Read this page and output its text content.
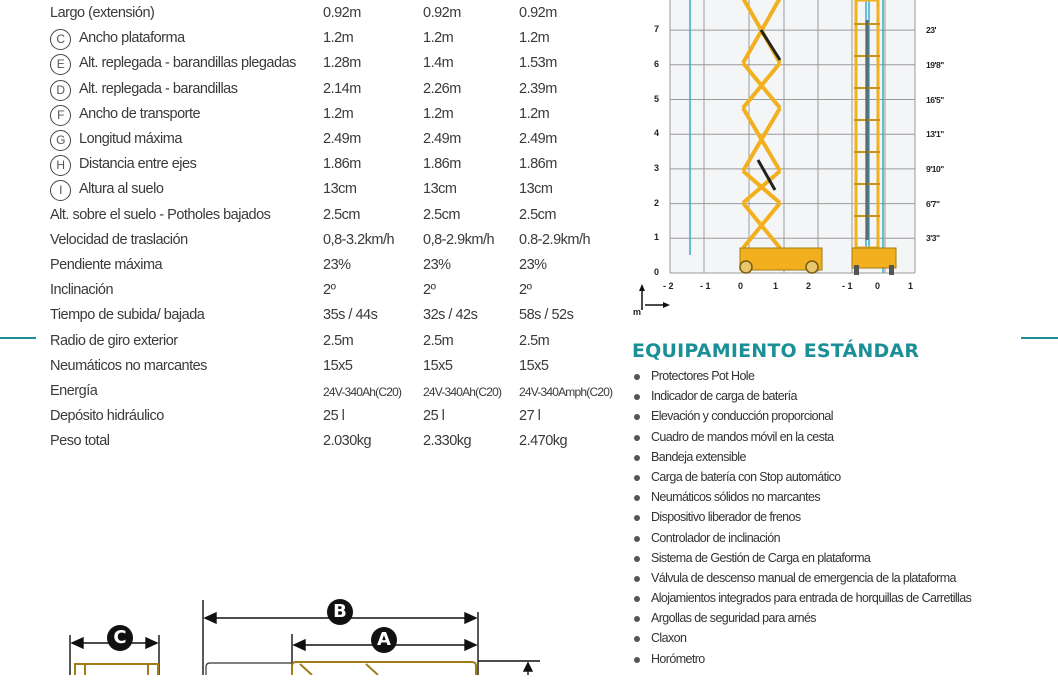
Largo (extensión)	0.92m	0.92m	0.92m
C Ancho plataforma	1.2m	1.2m	1.2m
E	Alt. replegada - barandillas plegadas 1.28m	1.4m	1.53m
D Alt. replegada - barandillas	2.14m	2.26m	2.39m
F	Ancho de transporte	1.2m	1.2m	1.2m
G Longitud máxima	2.49m	2.49m	2.49m
H Distancia entre ejes	1.86m	1.86m	1.86m
I	Altura al suelo	13cm	13cm	13cm
Alt. sobre el suelo - Potholes bajados	2.5cm	2.5cm	2.5cm
Velocidad de traslación	0,8-3.2km/h 0,8-2.9km/h 0.8-2.9km/h
Pendiente máxima	23%	23%	23%
Inclinación	2º	2º	2º
Tiempo de subida/ bajada	35s / 44s	32s / 42s	58s / 52s
Radio de giro exterior	2.5m	2.5m	2.5m
Neumáticos no marcantes	15x5	15x5	15x5
Energía	24V-340Ah(C20) 24V-340Ah(C20) 24V-340Amph(C20)
Depósito hidráulico	25 l	25 l	27 l
Peso total	2.030kg	2.330kg	2.470kg
7
6
5
4
3
2
1
0
23'
19'8"
16'5"
13'1"
9'10"
6'7"
3'3"
- 2	- 1	0	1	2	- 1 0	1
m
EQUIPAMIENTO ESTÁNDAR
Protectores Pot Hole
Indicador de carga de batería
Elevación y conducción proporcional
Cuadro de mandos móvil en la cesta
Bandeja extensible
Carga de batería con Stop automático
Neumáticos sólidos no marcantes
Dispositivo liberador de frenos
Controlador de inclinación
Sistema de Gestión de Carga en plataforma
Válvula de descenso manual de emergencia de la plataforma
Alojamientos integrados para entrada de horquillas de Carretillas
Argollas de seguridad para arnés
Claxon
Horómetro
B
A
C
